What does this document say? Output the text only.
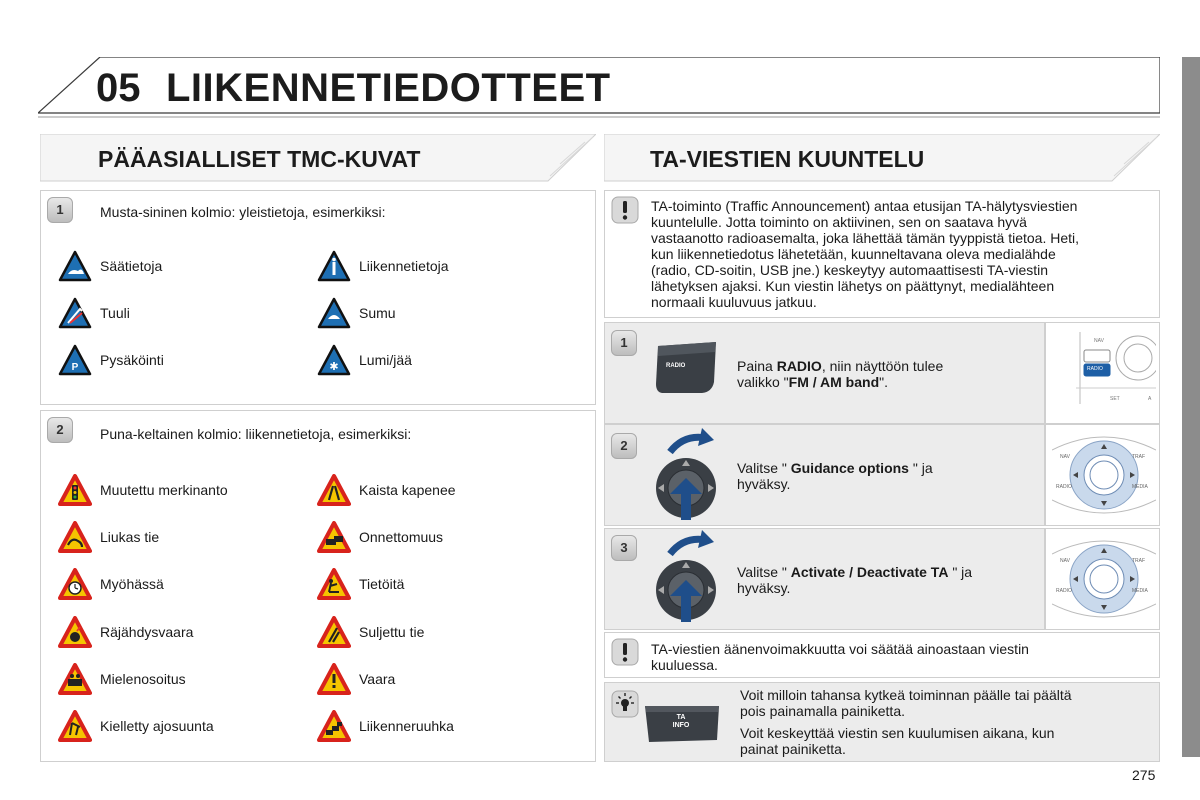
05 LIIKENNETIEDOTTEET
PÄÄASIALLISET TMC-KUVAT
1	Musta-sininen kolmio: yleistietoja, esimerkiksi:
Säätietoja	Liikennetietoja
Tuuli	Sumu
P Pysäköinti	✱ Lumi/jää
2	Puna-keltainen kolmio: liikennetietoja, esimerkiksi:
Muutettu merkinanto	Kaista kapenee
Liukas tie	Onnettomuus
Myöhässä	Tietöitä
Räjähdysvaara	Suljettu tie
Mielenosoitus	Vaara
Kielletty ajosuunta	Liikenneruuhka
TA-VIESTIEN KUUNTELU
TA-toiminto (Traffic Announcement) antaa etusijan TA-hälytysviestien
kuuntelulle. Jotta toiminto on aktiivinen, sen on saatava hyvä
vastaanotto radioasemalta, joka lähettää tämän tyyppistä tietoa. Heti,
kun liikennetiedotus lähetetään, kuunneltavana oleva medialähde
(radio, CD-soitin, USB jne.) keskeytyy automaattisesti TA-viestin
lähetyksen ajaksi. Kun viestin lähetys on päättynyt, medialähteen
normaali kuuluvuus jatkuu.
1
RADIO	Paina RADIO, niin näyttöön tulee
valikko "FM / AM band".
NAV
RADIO
SET	A
2
Valitse " Guidance options " ja
hyväksy.
NAV	TRAF
RADIO	MEDIA
3
Valitse " Activate / Deactivate TA " ja
hyväksy.
NAV	TRAF
RADIO	MEDIA
TA-viestien äänenvoimakkuutta voi säätää ainoastaan viestin
kuuluessa.
TA
INFO
Voit milloin tahansa kytkeä toiminnan päälle tai päältä
pois painamalla painiketta.
Voit keskeyttää viestin sen kuulumisen aikana, kun
painat painiketta.
275
